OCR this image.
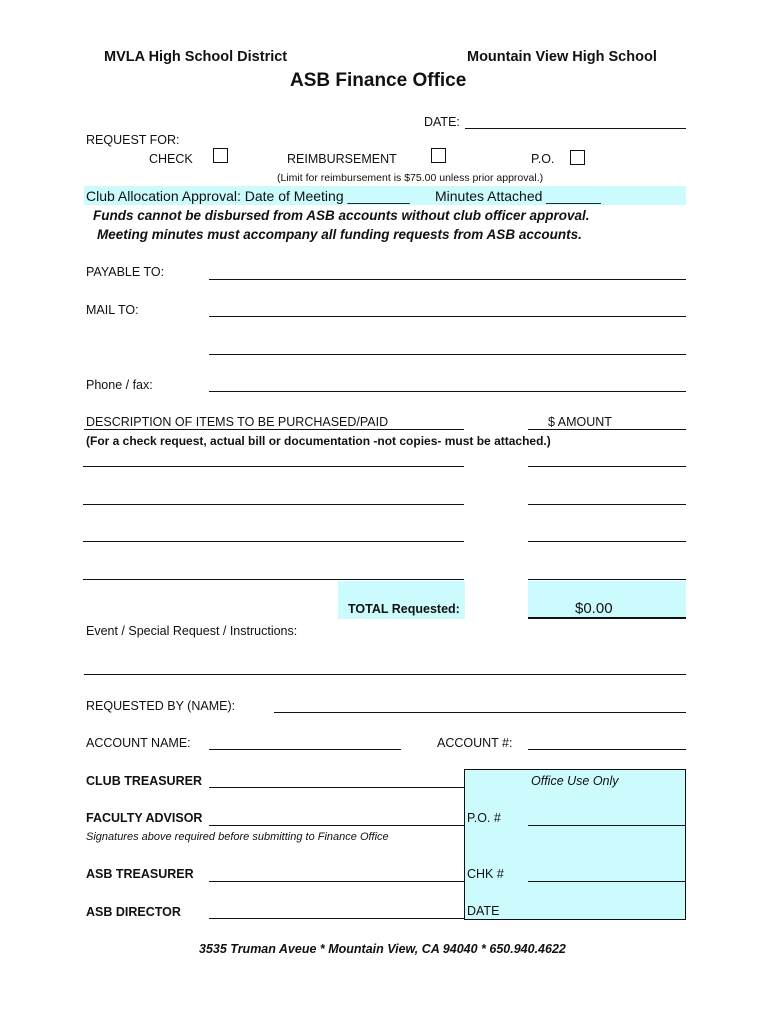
MVLA High School District	Mountain View High School
ASB Finance Office
DATE:
REQUEST FOR:
CHECK	REIMBURSEMENT	P.O.
(Limit for reimbursement is $75.00 unless prior approval.)
Club Allocation Approval: Date of Meeting ________ Minutes Attached _______
Funds cannot be disbursed from ASB accounts without club officer approval.
Meeting minutes must accompany all funding requests from ASB accounts.
PAYABLE TO:
MAIL TO:
Phone / fax:
DESCRIPTION OF ITEMS TO BE PURCHASED/PAID	$ AMOUNT
(For a check request, actual bill or documentation -not copies- must be attached.)
TOTAL Requested:	$0.00
Event / Special Request / Instructions:
REQUESTED BY (NAME):
ACCOUNT NAME:	ACCOUNT #:
Office Use Only
P.O. #
CHK #
DATE
CLUB TREASURER
FACULTY ADVISOR
Signatures above required before submitting to Finance Office
ASB TREASURER
ASB DIRECTOR
3535 Truman Aveue * Mountain View, CA 94040 * 650.940.4622
